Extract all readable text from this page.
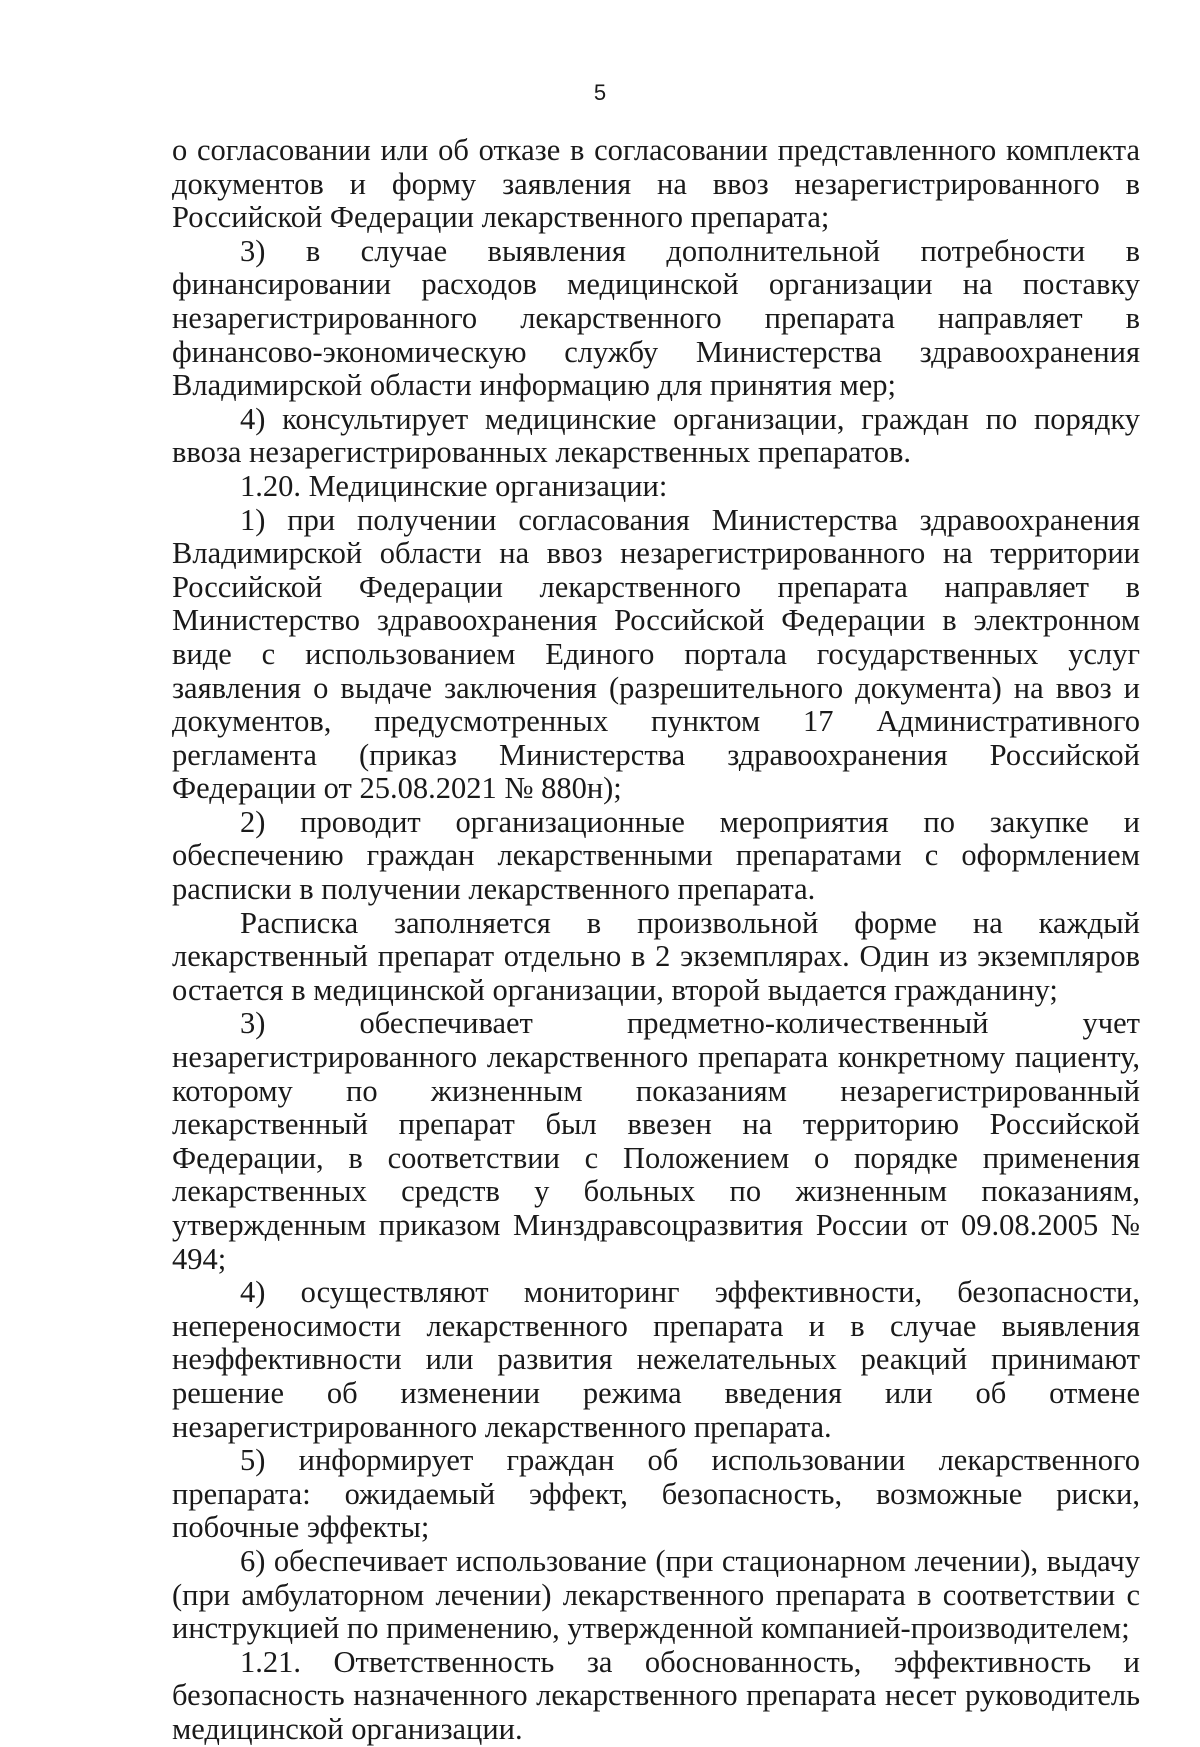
5

о согласовании или об отказе в согласовании представленного комплекта документов и форму заявления на ввоз незарегистрированного в Российской Федерации лекарственного препарата;

3) в случае выявления дополнительной потребности в финансировании расходов медицинской организации на поставку незарегистрированного лекарственного препарата направляет в финансово-экономическую службу Министерства здравоохранения Владимирской области информацию для принятия мер;

4) консультирует медицинские организации, граждан по порядку ввоза незарегистрированных лекарственных препаратов.

1.20. Медицинские организации:

1) при получении согласования Министерства здравоохранения Владимирской области на ввоз незарегистрированного на территории Российской Федерации лекарственного препарата направляет в Министерство здравоохранения Российской Федерации в электронном виде с использованием Единого портала государственных услуг заявления о выдаче заключения (разрешительного документа) на ввоз и документов, предусмотренных пунктом 17 Административного регламента (приказ Министерства здравоохранения Российской Федерации от 25.08.2021 № 880н);

2) проводит организационные мероприятия по закупке и обеспечению граждан лекарственными препаратами с оформлением расписки в получении лекарственного препарата.

Расписка заполняется в произвольной форме на каждый лекарственный препарат отдельно в 2 экземплярах. Один из экземпляров остается в медицинской организации, второй выдается гражданину;

3) обеспечивает предметно-количественный учет незарегистрированного лекарственного препарата конкретному пациенту, которому по жизненным показаниям незарегистрированный лекарственный препарат был ввезен на территорию Российской Федерации, в соответствии с Положением о порядке применения лекарственных средств у больных по жизненным показаниям, утвержденным приказом Минздравсоцразвития России от 09.08.2005 № 494;

4) осуществляют мониторинг эффективности, безопасности, непереносимости лекарственного препарата и в случае выявления неэффективности или развития нежелательных реакций принимают решение об изменении режима введения или об отмене незарегистрированного лекарственного препарата.

5) информирует граждан об использовании лекарственного препарата: ожидаемый эффект, безопасность, возможные риски, побочные эффекты;

6) обеспечивает использование (при стационарном лечении), выдачу (при амбулаторном лечении) лекарственного препарата в соответствии с инструкцией по применению, утвержденной компанией-производителем;

1.21. Ответственность за обоснованность, эффективность и безопасность назначенного лекарственного препарата несет руководитель медицинской организации.
